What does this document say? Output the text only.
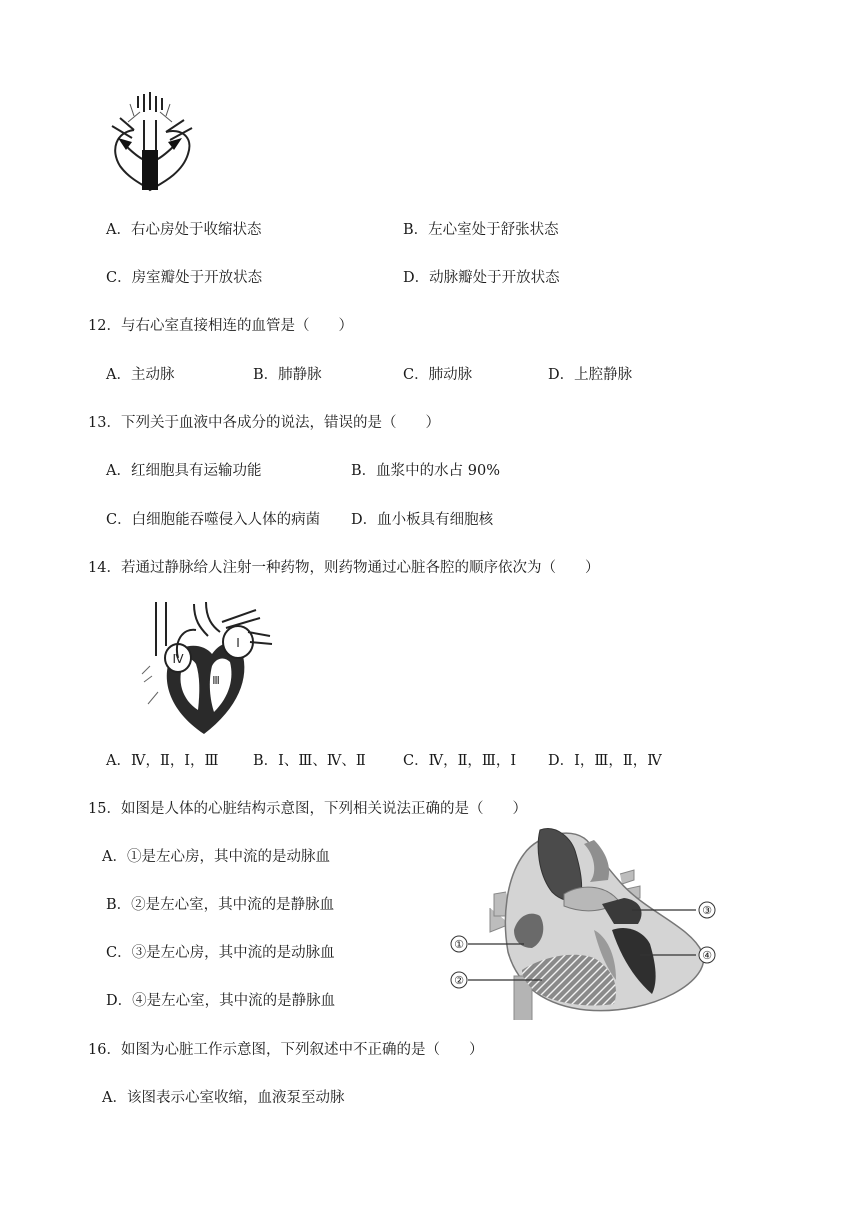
A．右心房处于收缩状态	B．左心室处于舒张状态
C．房室瓣处于开放状态	D．动脉瓣处于开放状态
12．与右心室直接相连的血管是（　　）
A．主动脉	B．肺静脉	C．肺动脉	D．上腔静脉
13．下列关于血液中各成分的说法，错误的是（　　）
A．红细胞具有运输功能	B．血浆中的水占 90%
C．白细胞能吞噬侵入人体的病菌 D．血小板具有细胞核
14．若通过静脉给人注射一种药物，则药物通过心脏各腔的顺序依次为（　　）
Ⅳ
Ⅰ
Ⅱ Ⅲ
A．Ⅳ，Ⅱ，Ⅰ，Ⅲ B．Ⅰ、Ⅲ、Ⅳ、Ⅱ	C．Ⅳ，Ⅱ，Ⅲ，Ⅰ D．Ⅰ，Ⅲ，Ⅱ，Ⅳ
15．如图是人体的心脏结构示意图，下列相关说法正确的是（　　）
A．①是左心房，其中流的是动脉血
B．②是左心室，其中流的是静脉血
C．③是左心房，其中流的是动脉血
D．④是左心室，其中流的是静脉血
①
②
③
④
16．如图为心脏工作示意图，下列叙述中不正确的是（　　）
A．该图表示心室收缩，血液泵至动脉
